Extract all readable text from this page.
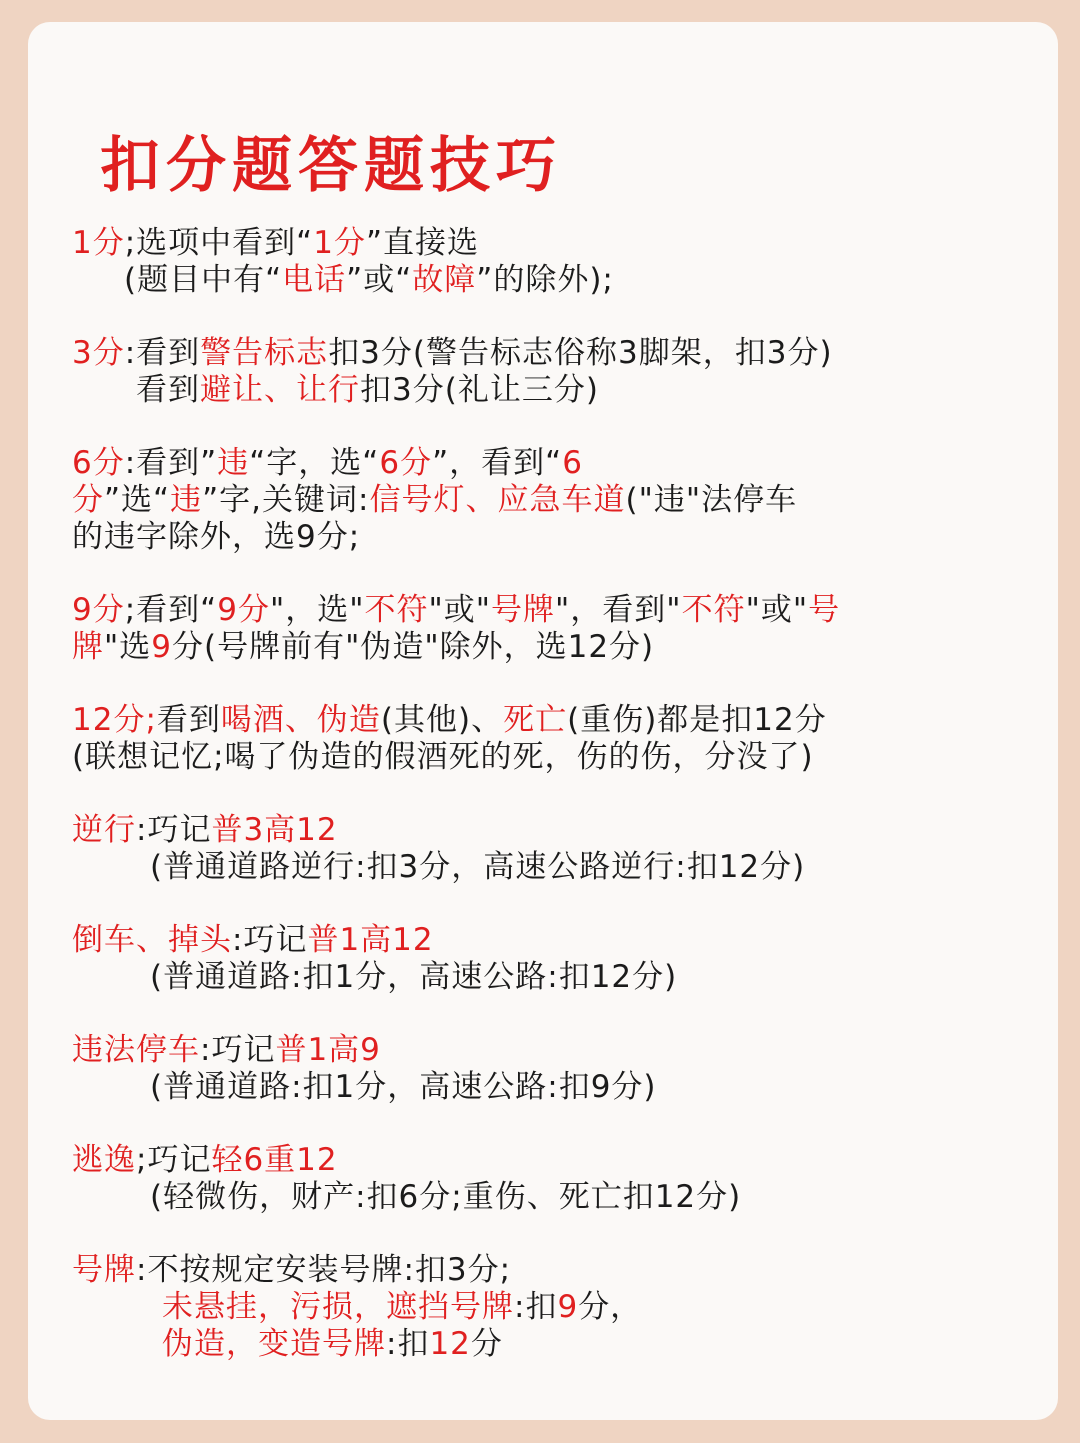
扣分题答题技巧
1分;选项中看到“1分”直接选
(题目中有“电话”或“故障”的除外);
3分:看到警告标志扣3分(警告标志俗称3脚架，扣3分)
看到避让、让行扣3分(礼让三分)
6分:看到”违“字，选“6分”，看到“6
分”选“违”字,关键词:信号灯、应急车道("违"法停车
的违字除外，选9分;
9分;看到“9分"，选"不符"或"号牌"，看到"不符"或"号
牌"选9分(号牌前有"伪造"除外，选12分)
12分;看到喝酒、伪造(其他)、死亡(重伤)都是扣12分
(联想记忆;喝了伪造的假酒死的死，伤的伤，分没了)
逆行:巧记普3高12
(普通道路逆行:扣3分，高速公路逆行:扣12分)
倒车、掉头:巧记普1高12
(普通道路:扣1分，高速公路:扣12分)
违法停车:巧记普1高9
(普通道路:扣1分，高速公路:扣9分)
逃逸;巧记轻6重12
(轻微伤，财产:扣6分;重伤、死亡扣12分)
号牌:不按规定安装号牌:扣3分;
未悬挂，污损，遮挡号牌:扣9分，
伪造，变造号牌:扣12分
